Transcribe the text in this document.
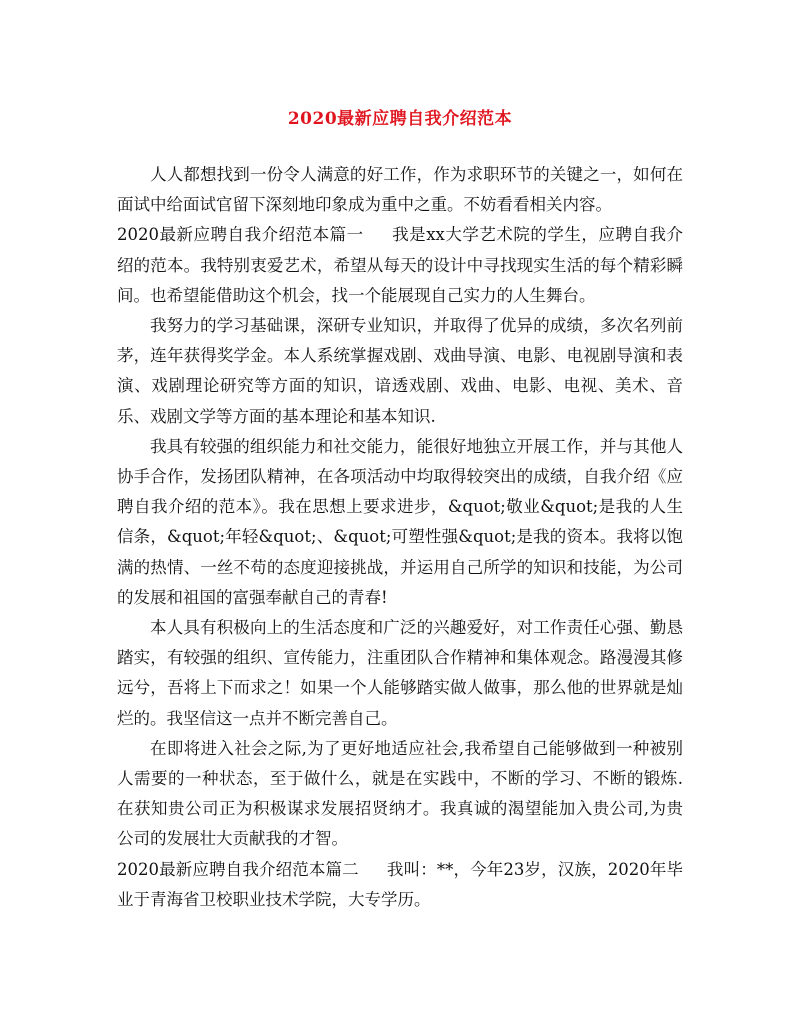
2020最新应聘自我介绍范本

人人都想找到一份令人满意的好工作，作为求职环节的关键之一，如何在面试中给面试官留下深刻地印象成为重中之重。不妨看看相关内容。

2020最新应聘自我介绍范本篇一 我是xx大学艺术院的学生，应聘自我介绍的范本。我特别衷爱艺术，希望从每天的设计中寻找现实生活的每个精彩瞬间。也希望能借助这个机会，找一个能展现自己实力的人生舞台。

我努力的学习基础课，深研专业知识，并取得了优异的成绩，多次名列前茅，连年获得奖学金。本人系统掌握戏剧、戏曲导演、电影、电视剧导演和表演、戏剧理论研究等方面的知识，谙透戏剧、戏曲、电影、电视、美术、音乐、戏剧文学等方面的基本理论和基本知识.

我具有较强的组织能力和社交能力，能很好地独立开展工作，并与其他人协手合作，发扬团队精神，在各项活动中均取得较突出的成绩，自我介绍《应聘自我介绍的范本》。我在思想上要求进步，&quot;敬业&quot;是我的人生信条，&quot;年轻&quot;、&quot;可塑性强&quot;是我的资本。我将以饱满的热情、一丝不苟的态度迎接挑战，并运用自己所学的知识和技能，为公司的发展和祖国的富强奉献自己的青春!

本人具有积极向上的生活态度和广泛的兴趣爱好，对工作责任心强、勤恳踏实，有较强的组织、宣传能力，注重团队合作精神和集体观念。路漫漫其修远兮，吾将上下而求之！如果一个人能够踏实做人做事，那么他的世界就是灿烂的。我坚信这一点并不断完善自己。

在即将进入社会之际,为了更好地适应社会,我希望自己能够做到一种被别人需要的一种状态，至于做什么，就是在实践中，不断的学习、不断的锻炼.在获知贵公司正为积极谋求发展招贤纳才。我真诚的渴望能加入贵公司,为贵公司的发展壮大贡献我的才智。

2020最新应聘自我介绍范本篇二 我叫：**，今年23岁，汉族，2020年毕业于青海省卫校职业技术学院，大专学历。
